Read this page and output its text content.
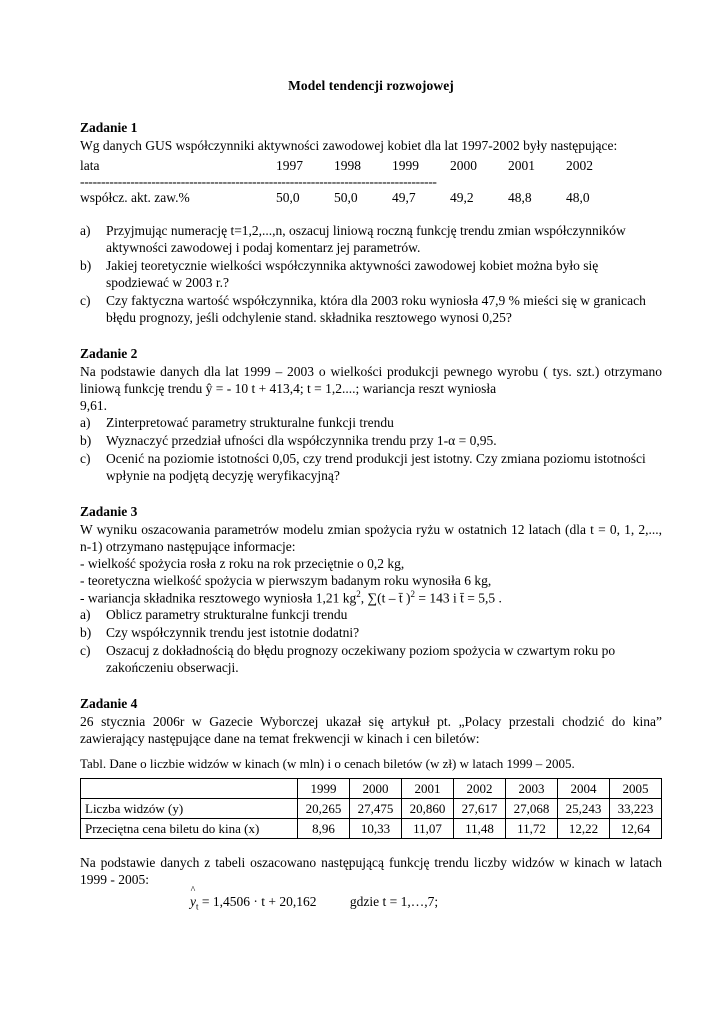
Model tendencji rozwojowej
Zadanie 1
Wg danych GUS współczynniki aktywności zawodowej kobiet dla lat 1997-2002 były następujące:
lata	1997	1998	1999	2000	2001	2002
-------------------------------------------------------------------------------------
współcz. akt. zaw.%	50,0	50,0	49,7	49,2	48,8	48,0
a)	Przyjmując numerację t=1,2,...,n, oszacuj liniową roczną funkcję trendu zmian współczynników aktywności zawodowej i podaj komentarz jej parametrów.
b)	Jakiej teoretycznie wielkości współczynnika aktywności zawodowej kobiet można było się spodziewać w 2003 r.?
c)	Czy faktyczna wartość współczynnika, która dla 2003 roku wyniosła 47,9 % mieści się w granicach błędu prognozy, jeśli odchylenie stand. składnika resztowego wynosi 0,25?
Zadanie 2
Na podstawie danych dla lat 1999 – 2003 o wielkości produkcji pewnego wyrobu ( tys. szt.) otrzymano liniową funkcję trendu ŷ = - 10 t + 413,4; t = 1,2....; wariancja reszt wyniosła
9,61.
a)	Zinterpretować parametry strukturalne funkcji trendu
b)	Wyznaczyć przedział ufności dla współczynnika trendu przy 1-α = 0,95.
c)	Ocenić na poziomie istotności 0,05, czy trend produkcji jest istotny. Czy zmiana poziomu istotności wpłynie na podjętą decyzję weryfikacyjną?
Zadanie 3
W wyniku oszacowania parametrów modelu zmian spożycia ryżu w ostatnich 12 latach (dla t = 0, 1, 2,..., n-1) otrzymano następujące informacje:
- wielkość spożycia rosła z roku na rok przeciętnie o 0,2 kg,
- teoretyczna wielkość spożycia w pierwszym badanym roku wynosiła 6 kg,
- wariancja składnika resztowego wyniosła 1,21 $kg^2$, ∑(t – t̄ )$^2$ = 143 i t̄ = 5,5 .
a)	Oblicz parametry strukturalne funkcji trendu
b)	Czy współczynnik trendu jest istotnie dodatni?
c)	Oszacuj z dokładnością do błędu prognozy oczekiwany poziom spożycia w czwartym roku po zakończeniu obserwacji.
Zadanie 4
26 stycznia 2006r w Gazecie Wyborczej ukazał się artykuł pt. „Polacy przestali chodzić do kina” zawierający następujące dane na temat frekwencji w kinach i cen biletów:
Tabl. Dane o liczbie widzów w kinach (w mln) i o cenach biletów (w zł) w latach 1999 – 2005.
	1999	2000	2001	2002	2003	2004	2005
Liczba widzów (y)	20,265	27,475	20,860	27,617	27,068	25,243	33,223
Przeciętna cena biletu do kina (x)	8,96	10,33	11,07	11,48	11,72	12,22	12,64
Na podstawie danych z tabeli oszacowano następującą funkcję trendu liczby widzów w kinach w latach 1999 - 2005:
^
$y_t = 1,4506 \cdot t + 20,162$ gdzie t = 1,…,7;
